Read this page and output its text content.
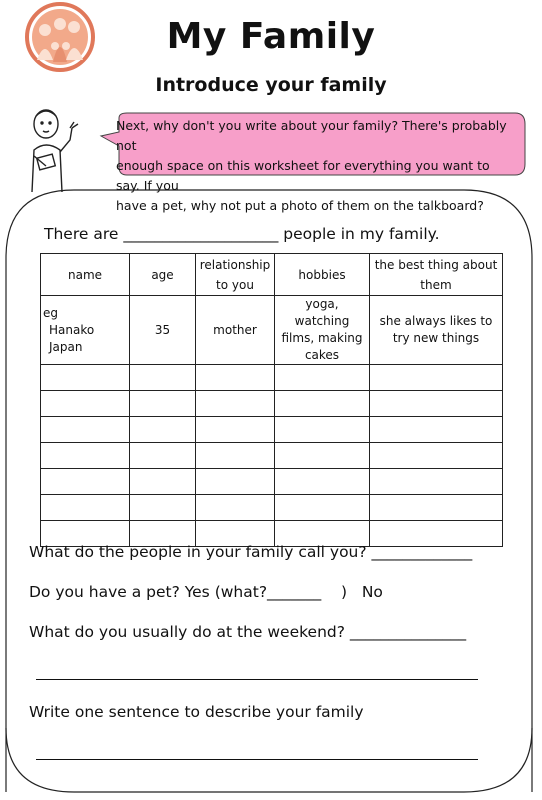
My Family
Introduce your family
Next, why don't you write about your family? There's probably not
enough space on this worksheet for everything you want to say. If you
have a pet, why not put a photo of them on the talkboard?
There are ____________________ people in my family.
name	age	relationship to you	hobbies	the best thing about them

eg
Hanako Japan	35	mother	yoga, watching films, making cakes	she always likes to try new things

What do the people in your family call you? _____________
Do you have a pet? Yes (what?_______    )   No
What do you usually do at the weekend? _______________
Write one sentence to describe your family
